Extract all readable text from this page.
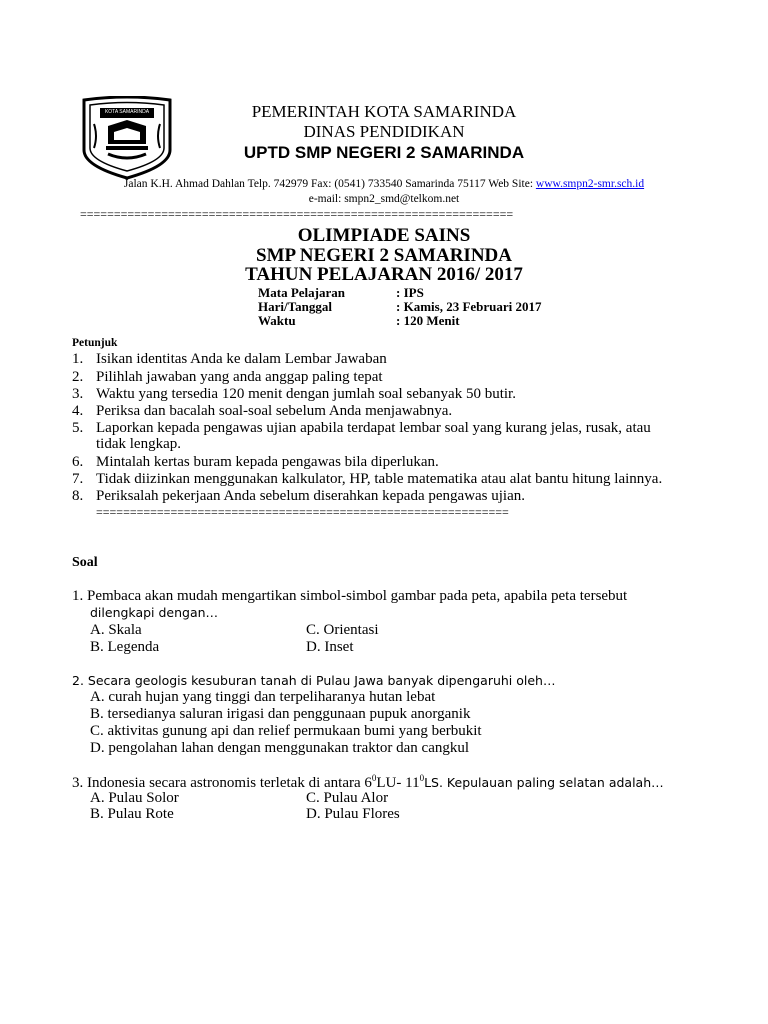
KOTA SAMARINDA	PEMERINTAH KOTA SAMARINDA
DINAS PENDIDIKAN
UPTD SMP NEGERI 2 SAMARINDA
Jalan K.H. Ahmad Dahlan Telp. 742979 Fax: (0541) 733540 Samarinda 75117 Web Site: www.smpn2-smr.sch.id
e-mail: smpn2_smd@telkom.net
================================================================
OLIMPIADE SAINS
SMP NEGERI 2 SAMARINDA
TAHUN PELAJARAN 2016/ 2017
Mata Pelajaran	: IPS
Hari/Tanggal	: Kamis, 23 Februari 2017
Waktu	: 120 Menit
Petunjuk
1. Isikan identitas Anda ke dalam Lembar Jawaban
2. Pilihlah jawaban yang anda anggap paling tepat
3. Waktu yang tersedia 120 menit dengan jumlah soal sebanyak 50 butir.
4. Periksa dan bacalah soal-soal sebelum Anda menjawabnya.
5. Laporkan kepada pengawas ujian apabila terdapat lembar soal yang kurang jelas, rusak, atau
tidak lengkap.
6. Mintalah kertas buram kepada pengawas bila diperlukan.
7. Tidak diizinkan menggunakan kalkulator, HP, table matematika atau alat bantu hitung lainnya.
8. Periksalah pekerjaan Anda sebelum diserahkan kepada pengawas ujian.
=============================================================
Soal
1. Pembaca akan mudah mengartikan simbol-simbol gambar pada peta, apabila peta tersebut
dilengkapi dengan…
A. Skala	C. Orientasi
B. Legenda	D. Inset
2. Secara geologis kesuburan tanah di Pulau Jawa banyak dipengaruhi oleh…
A. curah hujan yang tinggi dan terpeliharanya hutan lebat
B. tersedianya saluran irigasi dan penggunaan pupuk anorganik
C. aktivitas gunung api dan relief permukaan bumi yang berbukit
D. pengolahan lahan dengan menggunakan traktor dan cangkul
3. Indonesia secara astronomis terletak di antara $6^0LU-$ $11^0LS$. Kepulauan paling selatan adalah…
A. Pulau Solor	C. Pulau Alor
B. Pulau Rote	D. Pulau Flores
